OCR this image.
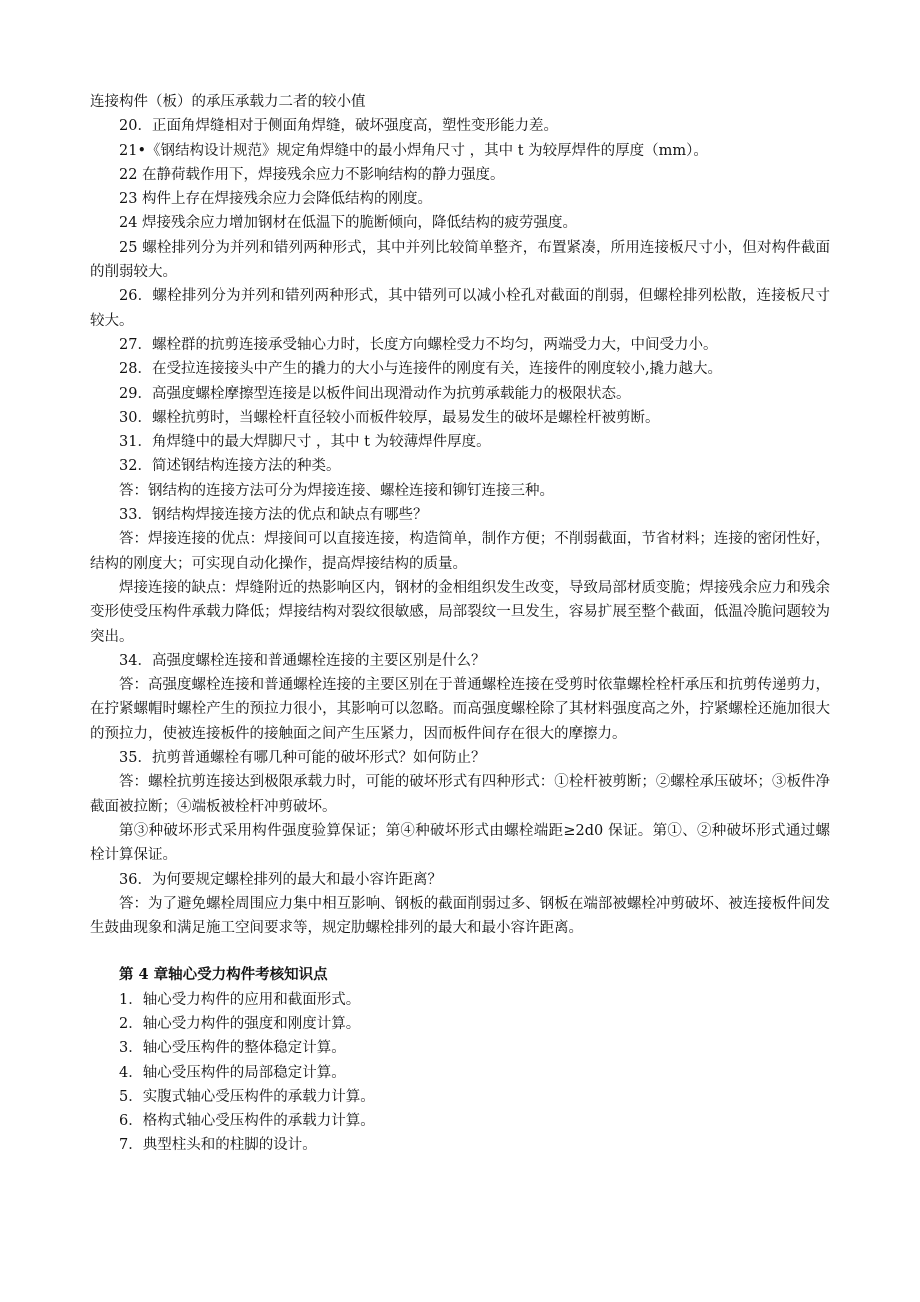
连接构件（板）的承压承载力二者的较小值

20．正面角焊缝相对于侧面角焊缝，破坏强度高，塑性变形能力差。

21•《钢结构设计规范》规定角焊缝中的最小焊角尺寸 ，其中 t 为较厚焊件的厚度（mm）。

22 在静荷载作用下，焊接残余应力不影响结构的静力强度。

23 构件上存在焊接残余应力会降低结构的刚度。

24 焊接残余应力增加钢材在低温下的脆断倾向，降低结构的疲劳强度。

25 螺栓排列分为并列和错列两种形式，其中并列比较简单整齐，布置紧凑，所用连接板尺寸小，但对构件截面的削弱较大。

26．螺栓排列分为并列和错列两种形式，其中错列可以减小栓孔对截面的削弱，但螺栓排列松散，连接板尺寸较大。

27．螺栓群的抗剪连接承受轴心力时，长度方向螺栓受力不均匀，两端受力大，中间受力小。

28．在受拉连接接头中产生的撬力的大小与连接件的刚度有关，连接件的刚度较小,撬力越大。

29．高强度螺栓摩擦型连接是以板件间出现滑动作为抗剪承载能力的极限状态。

30．螺栓抗剪时，当螺栓杆直径较小而板件较厚，最易发生的破坏是螺栓杆被剪断。

31．角焊缝中的最大焊脚尺寸 ，其中 t 为较薄焊件厚度。

32．简述钢结构连接方法的种类。

答：钢结构的连接方法可分为焊接连接、螺栓连接和铆钉连接三种。

33．钢结构焊接连接方法的优点和缺点有哪些？

答：焊接连接的优点：焊接间可以直接连接，构造简单，制作方便；不削弱截面，节省材料；连接的密闭性好，结构的刚度大；可实现自动化操作，提高焊接结构的质量。

焊接连接的缺点：焊缝附近的热影响区内，钢材的金相组织发生改变，导致局部材质变脆；焊接残余应力和残余变形使受压构件承载力降低；焊接结构对裂纹很敏感，局部裂纹一旦发生，容易扩展至整个截面，低温冷脆问题较为突出。

34．高强度螺栓连接和普通螺栓连接的主要区别是什么？

答：高强度螺栓连接和普通螺栓连接的主要区别在于普通螺栓连接在受剪时依靠螺栓栓杆承压和抗剪传递剪力，在拧紧螺帽时螺栓产生的预拉力很小，其影响可以忽略。而高强度螺栓除了其材料强度高之外，拧紧螺栓还施加很大的预拉力，使被连接板件的接触面之间产生压紧力，因而板件间存在很大的摩擦力。

35．抗剪普通螺栓有哪几种可能的破坏形式？如何防止？

答：螺栓抗剪连接达到极限承载力时，可能的破坏形式有四种形式：①栓杆被剪断；②螺栓承压破坏；③板件净截面被拉断；④端板被栓杆冲剪破坏。

第③种破坏形式采用构件强度验算保证；第④种破坏形式由螺栓端距≥2d0 保证。第①、②种破坏形式通过螺栓计算保证。

36．为何要规定螺栓排列的最大和最小容许距离？

答：为了避免螺栓周围应力集中相互影响、钢板的截面削弱过多、钢板在端部被螺栓冲剪破坏、被连接板件间发生鼓曲现象和满足施工空间要求等，规定肋螺栓排列的最大和最小容许距离。

第 4 章轴心受力构件考核知识点

1．轴心受力构件的应用和截面形式。

2．轴心受力构件的强度和刚度计算。

3．轴心受压构件的整体稳定计算。

4．轴心受压构件的局部稳定计算。

5．实腹式轴心受压构件的承载力计算。

6．格构式轴心受压构件的承载力计算。

7．典型柱头和的柱脚的设计。
